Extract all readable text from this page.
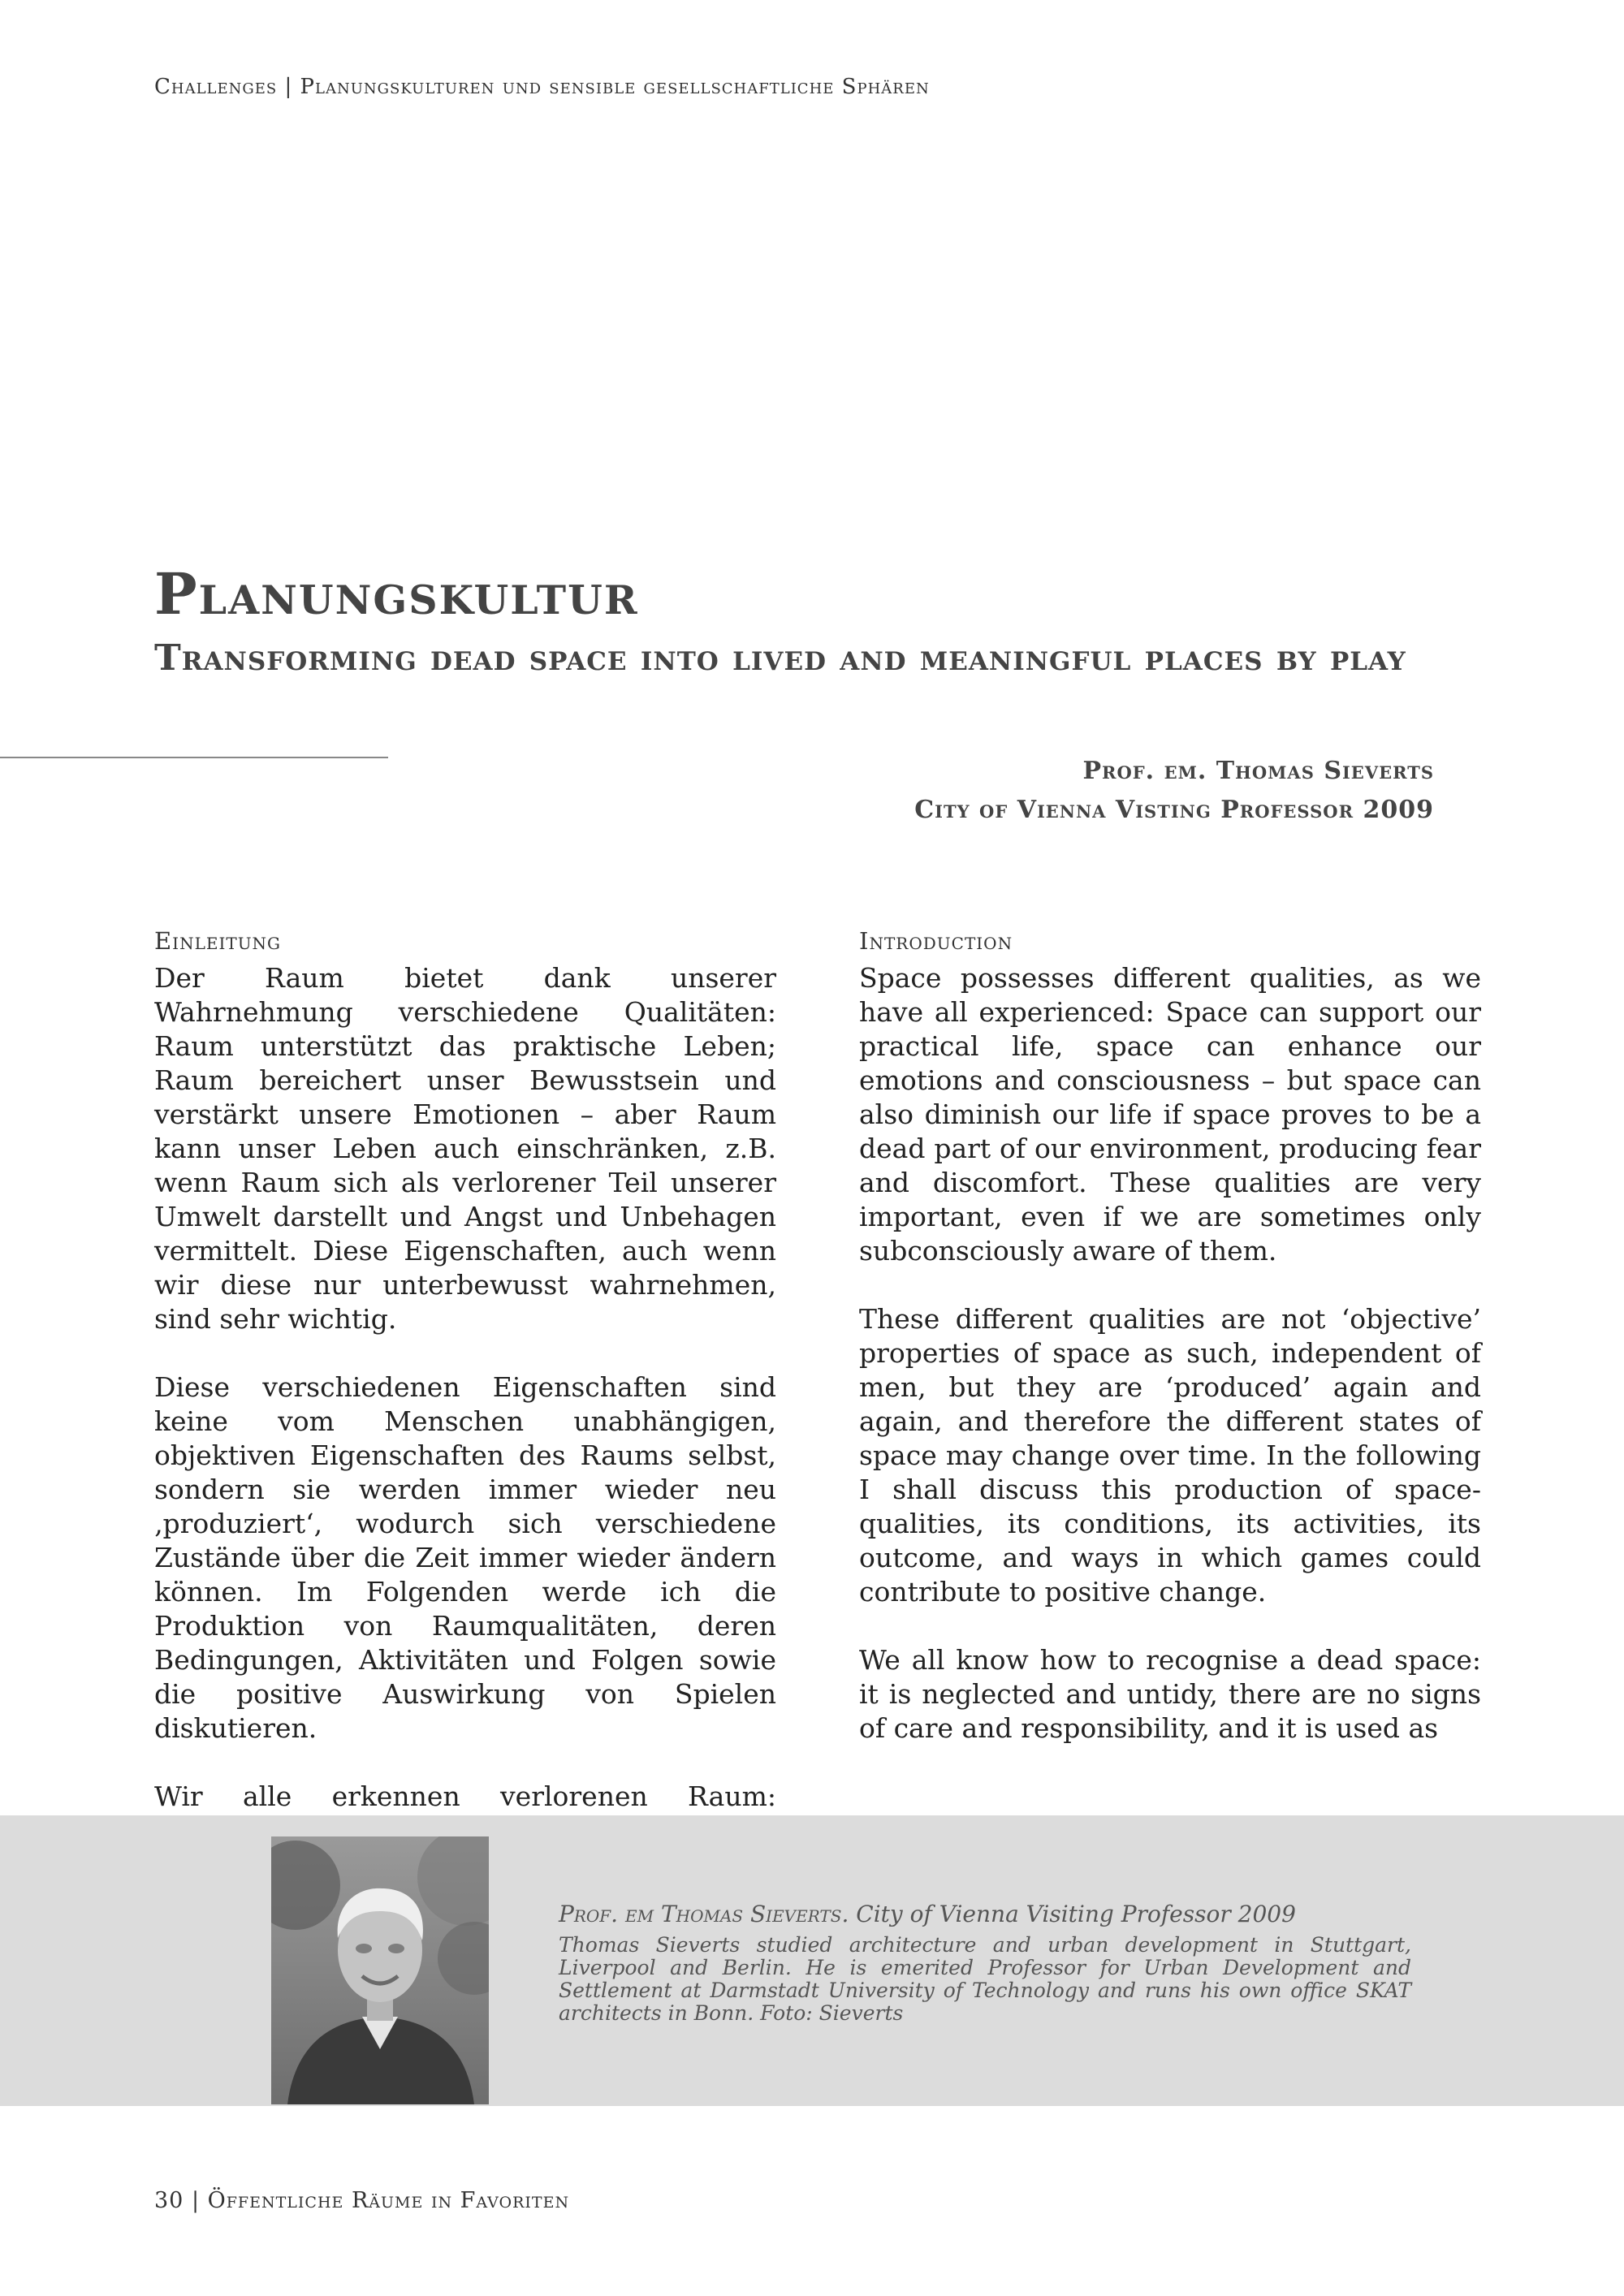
Challenges | Planungskulturen und sensible gesellschaftliche Sphären
Planungskultur
Transforming dead space into lived and meaningful places by play
Prof. em. Thomas Sieverts
City of Vienna Visting Professor 2009
Einleitung

Der Raum bietet dank unserer Wahrnehmung verschiedene Qualitäten: Raum unterstützt das praktische Leben; Raum bereichert unser Bewusstsein und verstärkt unsere Emotionen – aber Raum kann unser Leben auch einschränken, z.B. wenn Raum sich als verlorener Teil unserer Umwelt darstellt und Angst und Unbehagen vermittelt. Diese Eigenschaften, auch wenn wir diese nur unterbewusst wahrnehmen, sind sehr wichtig.

Diese verschiedenen Eigenschaften sind keine vom Menschen unabhängigen, objektiven Eigenschaften des Raums selbst, sondern sie werden immer wieder neu ‚produziert‘, wodurch sich verschiedene Zustände über die Zeit immer wieder ändern können. Im Folgenden werde ich die Produktion von Raumqualitäten, deren Bedingungen, Aktivitäten und Folgen sowie die positive Auswirkung von Spielen diskutieren.

Wir alle erkennen verlorenen Raum:

Introduction

Space possesses different qualities, as we have all experienced: Space can support our practical life, space can enhance our emotions and consciousness – but space can also diminish our life if space proves to be a dead part of our environment, producing fear and discomfort. These qualities are very important, even if we are sometimes only subconsciously aware of them.

These different qualities are not ‘objective’ properties of space as such, independent of men, but they are ‘produced’ again and again, and therefore the different states of space may change over time. In the following I shall discuss this production of space-qualities, its conditions, its activities, its outcome, and ways in which games could contribute to positive change.

We all know how to recognise a dead space: it is neglected and untidy, there are no signs of care and responsibility, and it is used as

Prof. em Thomas Sieverts. City of Vienna Visiting Professor 2009
Thomas Sieverts studied architecture and urban development in Stuttgart, Liverpool and Berlin. He is emerited Professor for Urban Development and Settlement at Darmstadt University of Technology and runs his own office SKAT architects in Bonn. Foto: Sieverts
30 | Öffentliche Räume in Favoriten
